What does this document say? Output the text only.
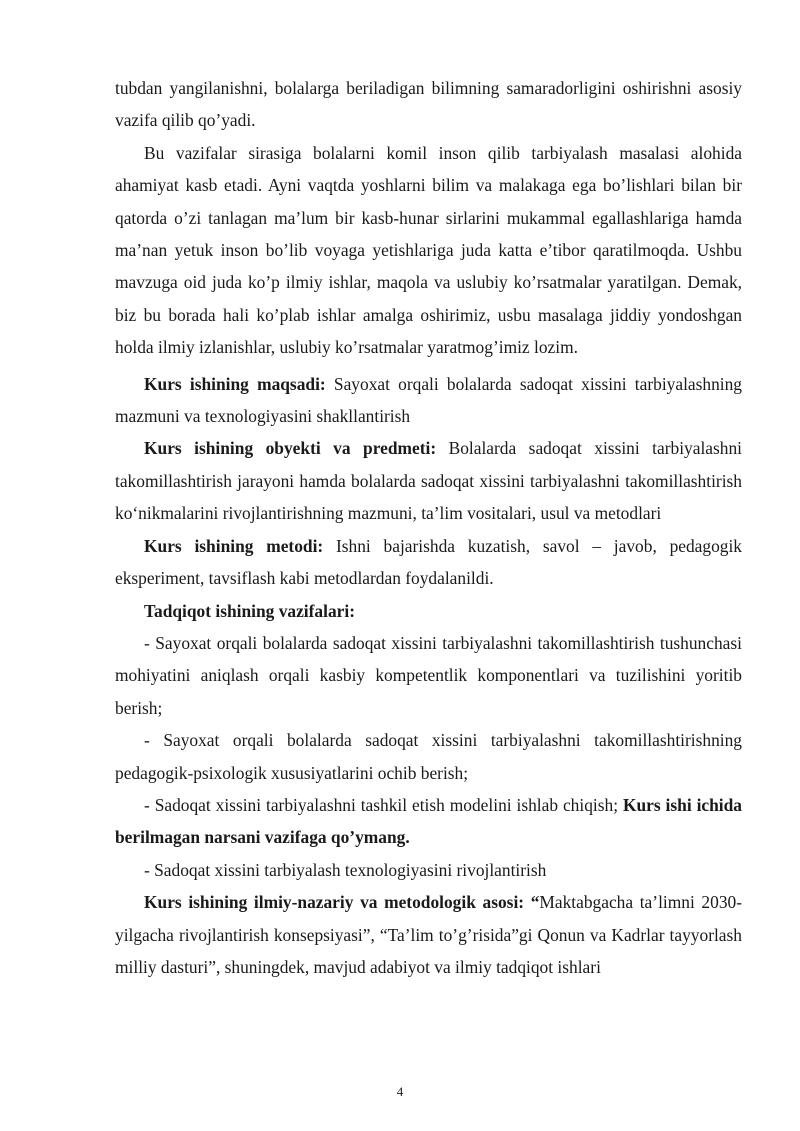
tubdan yangilanishni, bolalarga beriladigan bilimning samaradorligini oshirishni asosiy vazifa qilib qo’yadi.

Bu vazifalar sirasiga bolalarni komil inson qilib tarbiyalash masalasi alohida ahamiyat kasb etadi. Ayni vaqtda yoshlarni bilim va malakaga ega bo’lishlari bilan bir qatorda o’zi tanlagan ma’lum bir kasb-hunar sirlarini mukammal egallashlariga hamda ma’nan yetuk inson bo’lib voyaga yetishlariga juda katta e’tibor qaratilmoqda. Ushbu mavzuga oid juda ko’p ilmiy ishlar, maqola va uslubiy ko’rsatmalar yaratilgan. Demak, biz bu borada hali ko’plab ishlar amalga oshirimiz, usbu masalaga jiddiy yondoshgan holda ilmiy izlanishlar, uslubiy ko’rsatmalar yaratmog’imiz lozim.

Kurs ishining maqsadi: Sayoxat orqali bolalarda sadoqat xissini tarbiyalashning mazmuni va texnologiyasini shakllantirish

Kurs ishining obyekti va predmeti: Bolalarda sadoqat xissini tarbiyalashni takomillashtirish jarayoni hamda bolalarda sadoqat xissini tarbiyalashni takomillashtirish ko‘nikmalarini rivojlantirishning mazmuni, ta’lim vositalari, usul va metodlari

Kurs ishining metodi: Ishni bajarishda kuzatish, savol – javob, pedagogik eksperiment, tavsiflash kabi metodlardan foydalanildi.

Tadqiqot ishining vazifalari:

- Sayoxat orqali bolalarda sadoqat xissini tarbiyalashni takomillashtirish tushunchasi mohiyatini aniqlash orqali kasbiy kompetentlik komponentlari va tuzilishini yoritib berish;

- Sayoxat orqali bolalarda sadoqat xissini tarbiyalashni takomillashtirishning pedagogik-psixologik xususiyatlarini ochib berish;

- Sadoqat xissini tarbiyalashni tashkil etish modelini ishlab chiqish; Kurs ishi ichida berilmagan narsani vazifaga qo’ymang.

- Sadoqat xissini tarbiyalash texnologiyasini rivojlantirish

Kurs ishining ilmiy-nazariy va metodologik asosi: “Maktabgacha ta’limni 2030-yilgacha rivojlantirish konsepsiyasi”, “Ta’lim to’g’risida”gi Qonun va Kadrlar tayyorlash milliy dasturi”, shuningdek, mavjud adabiyot va ilmiy tadqiqot ishlari

4
